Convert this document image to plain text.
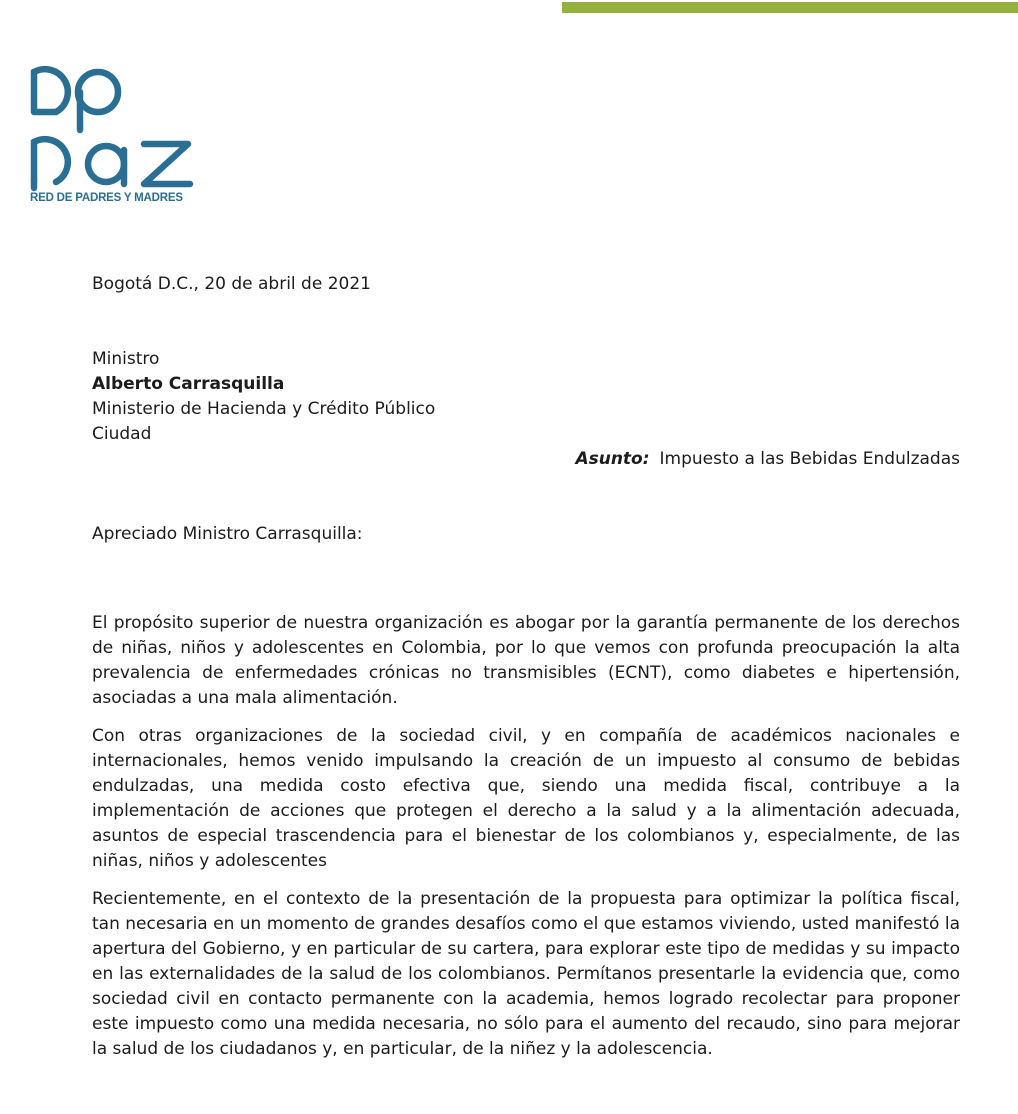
RED DE PADRES Y MADRES

Bogotá D.C., 20 de abril de 2021

Ministro

Alberto Carrasquilla

Ministerio de Hacienda y Crédito Público

Ciudad

Asunto: Impuesto a las Bebidas Endulzadas

Apreciado Ministro Carrasquilla:

El propósito superior de nuestra organización es abogar por la garantía permanente de los derechos de niñas, niños y adolescentes en Colombia, por lo que vemos con profunda preocupación la alta prevalencia de enfermedades crónicas no transmisibles (ECNT), como diabetes e hipertensión, asociadas a una mala alimentación.

Con otras organizaciones de la sociedad civil, y en compañía de académicos nacionales e internacionales, hemos venido impulsando la creación de un impuesto al consumo de bebidas endulzadas, una medida costo efectiva que, siendo una medida fiscal, contribuye a la implementación de acciones que protegen el derecho a la salud y a la alimentación adecuada, asuntos de especial trascendencia para el bienestar de los colombianos y, especialmente, de las niñas, niños y adolescentes

Recientemente, en el contexto de la presentación de la propuesta para optimizar la política fiscal, tan necesaria en un momento de grandes desafíos como el que estamos viviendo, usted manifestó la apertura del Gobierno, y en particular de su cartera, para explorar este tipo de medidas y su impacto en las externalidades de la salud de los colombianos. Permítanos presentarle la evidencia que, como sociedad civil en contacto permanente con la academia, hemos logrado recolectar para proponer este impuesto como una medida necesaria, no sólo para el aumento del recaudo, sino para mejorar la salud de los ciudadanos y, en particular, de la niñez y la adolescencia.
